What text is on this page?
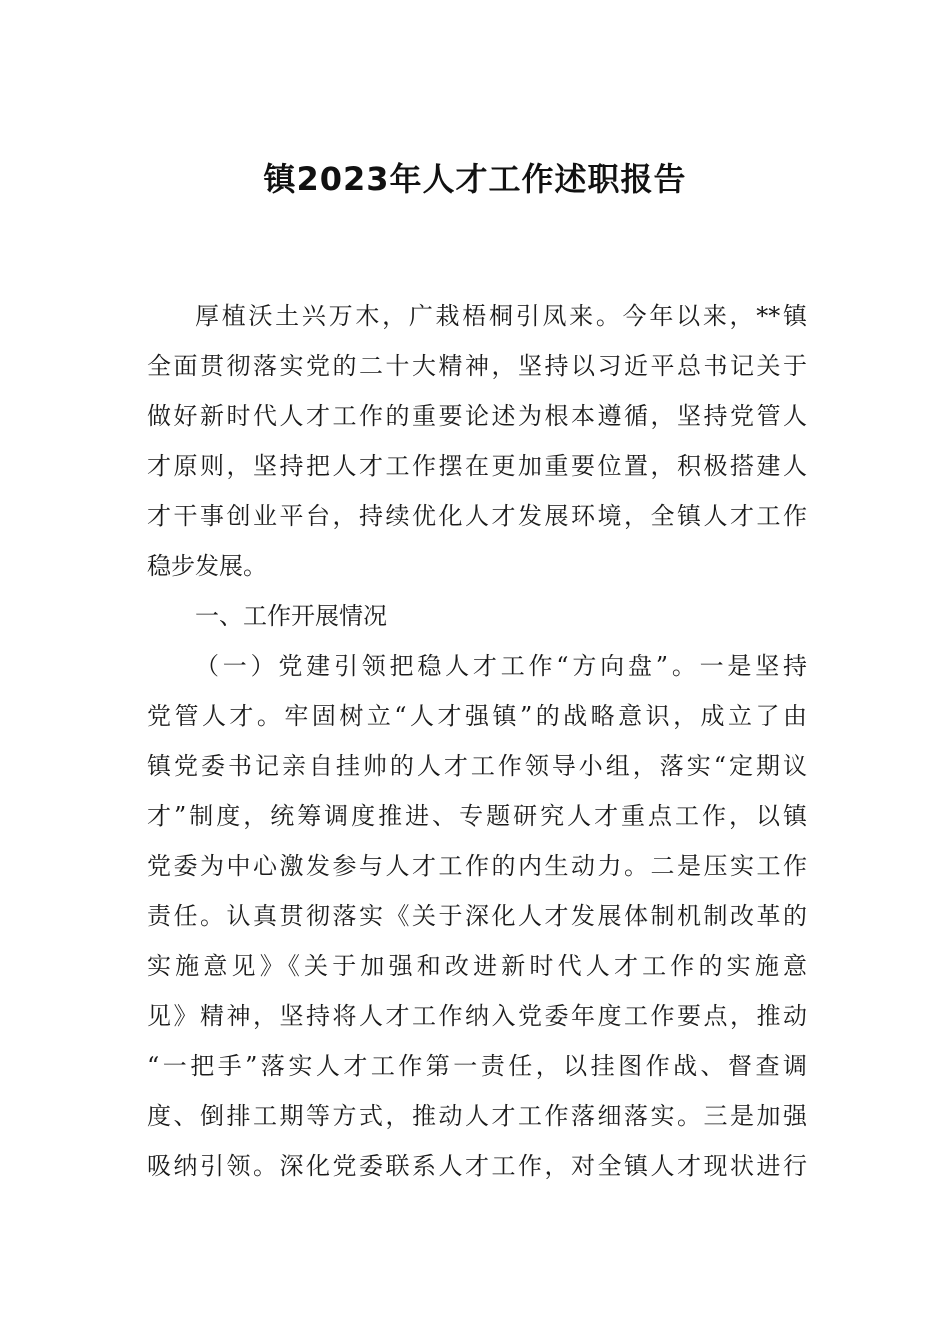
镇2023年人才工作述职报告
厚植沃土兴万木，广栽梧桐引凤来。今年以来，**镇
全面贯彻落实党的二十大精神，坚持以习近平总书记关于
做好新时代人才工作的重要论述为根本遵循，坚持党管人
才原则，坚持把人才工作摆在更加重要位置，积极搭建人
才干事创业平台，持续优化人才发展环境，全镇人才工作
稳步发展。
一、工作开展情况
（一）党建引领把稳人才工作“方向盘”。一是坚持
党管人才。牢固树立“人才强镇”的战略意识，成立了由
镇党委书记亲自挂帅的人才工作领导小组，落实“定期议
才”制度，统筹调度推进、专题研究人才重点工作，以镇
党委为中心激发参与人才工作的内生动力。二是压实工作
责任。认真贯彻落实《关于深化人才发展体制机制改革的
实施意见》《关于加强和改进新时代人才工作的实施意
见》精神，坚持将人才工作纳入党委年度工作要点，推动
“一把手”落实人才工作第一责任，以挂图作战、督查调
度、倒排工期等方式，推动人才工作落细落实。三是加强
吸纳引领。深化党委联系人才工作，对全镇人才现状进行
